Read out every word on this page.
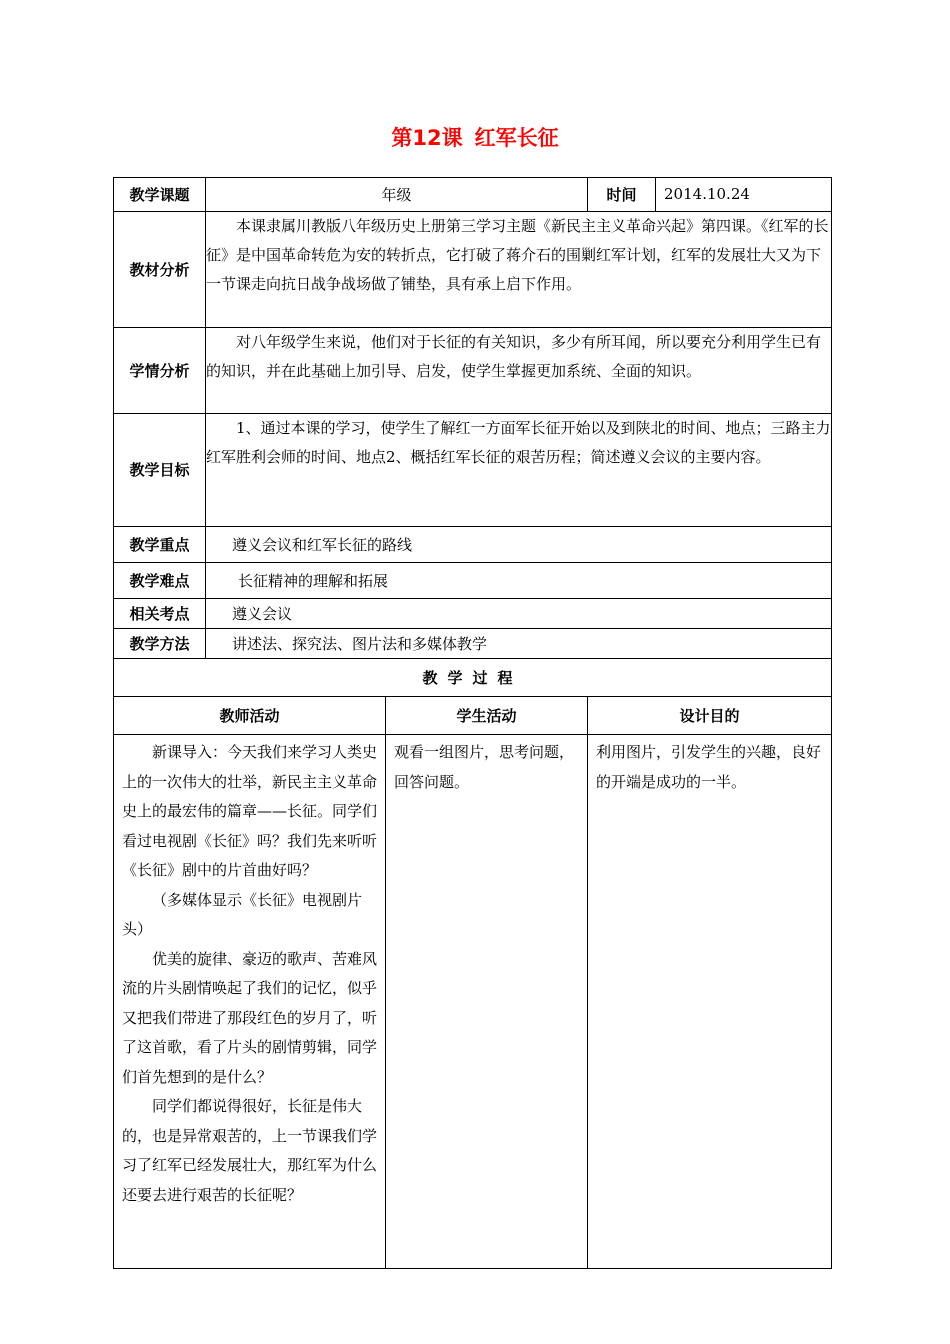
第12课 红军长征
教学课题	年级		时间	2014.10.24
教材分析	本课隶属川教版八年级历史上册第三学习主题《新民主主义革命兴起》第四课。《红军的长征》是中国革命转危为安的转折点，它打破了蒋介石的围剿红军计划，红军的发展壮大又为下一节课走向抗日战争战场做了铺垫，具有承上启下作用。			
学情分析	对八年级学生来说，他们对于长征的有关知识，多少有所耳闻，所以要充分利用学生已有的知识，并在此基础上加引导、启发，使学生掌握更加系统、全面的知识。			
教学目标	1、通过本课的学习，使学生了解红一方面军长征开始以及到陕北的时间、地点；三路主力红军胜利会师的时间、地点2、概括红军长征的艰苦历程；简述遵义会议的主要内容。			
教学重点	遵义会议和红军长征的路线			
教学难点	长征精神的理解和拓展			
相关考点	遵义会议			
教学方法	讲述法、探究法、图片法和多媒体教学			
教学过程				
教师活动		学生活动	设计目的	

新课导入：今天我们来学习人类史上的一次伟大的壮举，新民主主义革命史上的最宏伟的篇章——长征。同学们看过电视剧《长征》吗？我们先来听听《长征》剧中的片首曲好吗？

（多媒体显示《长征》电视剧片头）

优美的旋律、豪迈的歌声、苦难风流的片头剧情唤起了我们的记忆，似乎又把我们带进了那段红色的岁月了，听了这首歌，看了片头的剧情剪辑，同学们首先想到的是什么？

同学们都说得很好，长征是伟大的，也是异常艰苦的，上一节课我们学习了红军已经发展壮大，那红军为什么还要去进行艰苦的长征呢？		观看一组图片，思考问题，回答问题。	利用图片，引发学生的兴趣，良好的开端是成功的一半。	
